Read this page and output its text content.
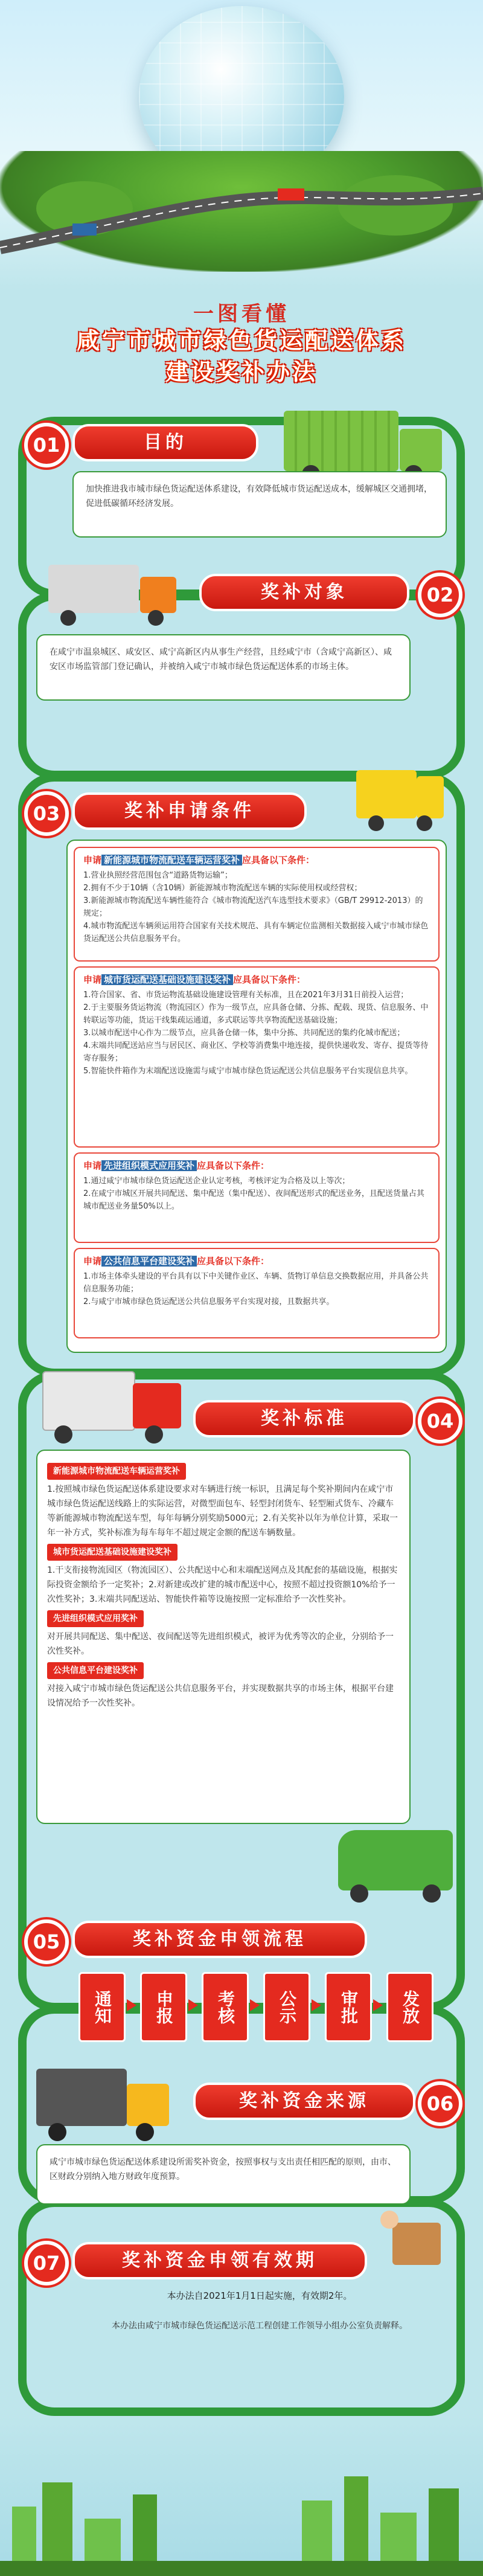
一图看懂
咸宁市城市绿色货运配送体系
建设奖补办法
01	目的
加快推进我市城市绿色货运配送体系建设，有效降低城市货运配送成本，缓解城区交通拥堵，促进低碳循环经济发展。
奖补对象	02
在咸宁市温泉城区、咸安区、咸宁高新区内从事生产经营，且经咸宁市（含咸宁高新区）、咸安区市场监管部门登记确认，并被纳入咸宁市城市绿色货运配送体系的市场主体。
03	奖补申请条件
申请 新能源城市物流配送车辆运营奖补 应具备以下条件：
1.营业执照经营范围包含“道路货物运输”；
2.拥有不少于10辆（含10辆）新能源城市物流配送车辆的实际使用权或经营权；
3.新能源城市物流配送车辆性能符合《城市物流配送汽车选型技术要求》（GB/T 29912-2013）的规定；
4.城市物流配送车辆须运用符合国家有关技术规范、具有车辆定位监测相关数据接入咸宁市城市绿色货运配送公共信息服务平台。
申请 城市货运配送基础设施建设奖补 应具备以下条件：
1.符合国家、省、市货运物流基础设施建设管理有关标准，且在2021年3月31日前投入运营；
2.于主要服务货运物流（物流园区）作为一级节点，应具备仓储、分拣、配载、现货、信息服务、中转联运等功能，货运干线集疏运通道，多式联运等共享物流配送基础设施；
3.以城市配送中心作为二级节点，应具备仓储一体，集中分拣、共同配送的集约化城市配送；
4.末端共同配送站应当与居民区、商业区、学校等消费集中地连接，提供快递收发、寄存、提货等待寄存服务；
5.智能快件箱作为末端配送设施需与咸宁市城市绿色货运配送公共信息服务平台实现信息共享。
申请 先进组织模式应用奖补 应具备以下条件：
1.通过咸宁市城市绿色货运配送企业认定考核，考核评定为合格及以上等次；
2.在咸宁市城区开展共同配送、集中配送（集中配送）、夜间配送形式的配送业务，且配送货量占其城市配送业务量50%以上。
申请 公共信息平台建设奖补 应具备以下条件：
1.市场主体牵头建设的平台具有以下中关键作业区、车辆、货物订单信息交换数据应用，并具备公共信息服务功能；
2.与咸宁市城市绿色货运配送公共信息服务平台实现对接，且数据共享。
奖补标准	04
新能源城市物流配送车辆运营奖补
1.按照城市绿色货运配送体系建设要求对车辆进行统一标识，且满足每个奖补期间内在咸宁市城市绿色货运配送线路上的实际运营，对微型面包车、轻型封闭货车、轻型厢式货车、冷藏车等新能源城市物流配送车型，每年每辆分别奖励5000元；2.有关奖补以年为单位计算，采取一年一补方式，奖补标准为每车每年不超过规定金额的配送车辆数量。
城市货运配送基础设施建设奖补
1.干支衔接物流园区（物流园区）、公共配送中心和末端配送网点及其配套的基础设施，根据实际投资金额给予一定奖补；2.对新建或改扩建的城市配送中心，按照不超过投资额10%给予一次性奖补；3.末端共同配送站、智能快件箱等设施按照一定标准给予一次性奖补。
先进组织模式应用奖补
对开展共同配送、集中配送、夜间配送等先进组织模式，被评为优秀等次的企业，分别给予一次性奖补。
公共信息平台建设奖补
对接入咸宁市城市绿色货运配送公共信息服务平台，并实现数据共享的市场主体，根据平台建设情况给予一次性奖补。
05	奖补资金申领流程
通知	申报	考核	公示	审批	发放
奖补资金来源	06
咸宁市城市绿色货运配送体系建设所需奖补资金，按照事权与支出责任相匹配的原则，由市、区财政分别纳入地方财政年度预算。
07	奖补资金申领有效期
本办法自2021年1月1日起实施，有效期2年。
本办法由咸宁市城市绿色货运配送示范工程创建工作领导小组办公室负责解释。
